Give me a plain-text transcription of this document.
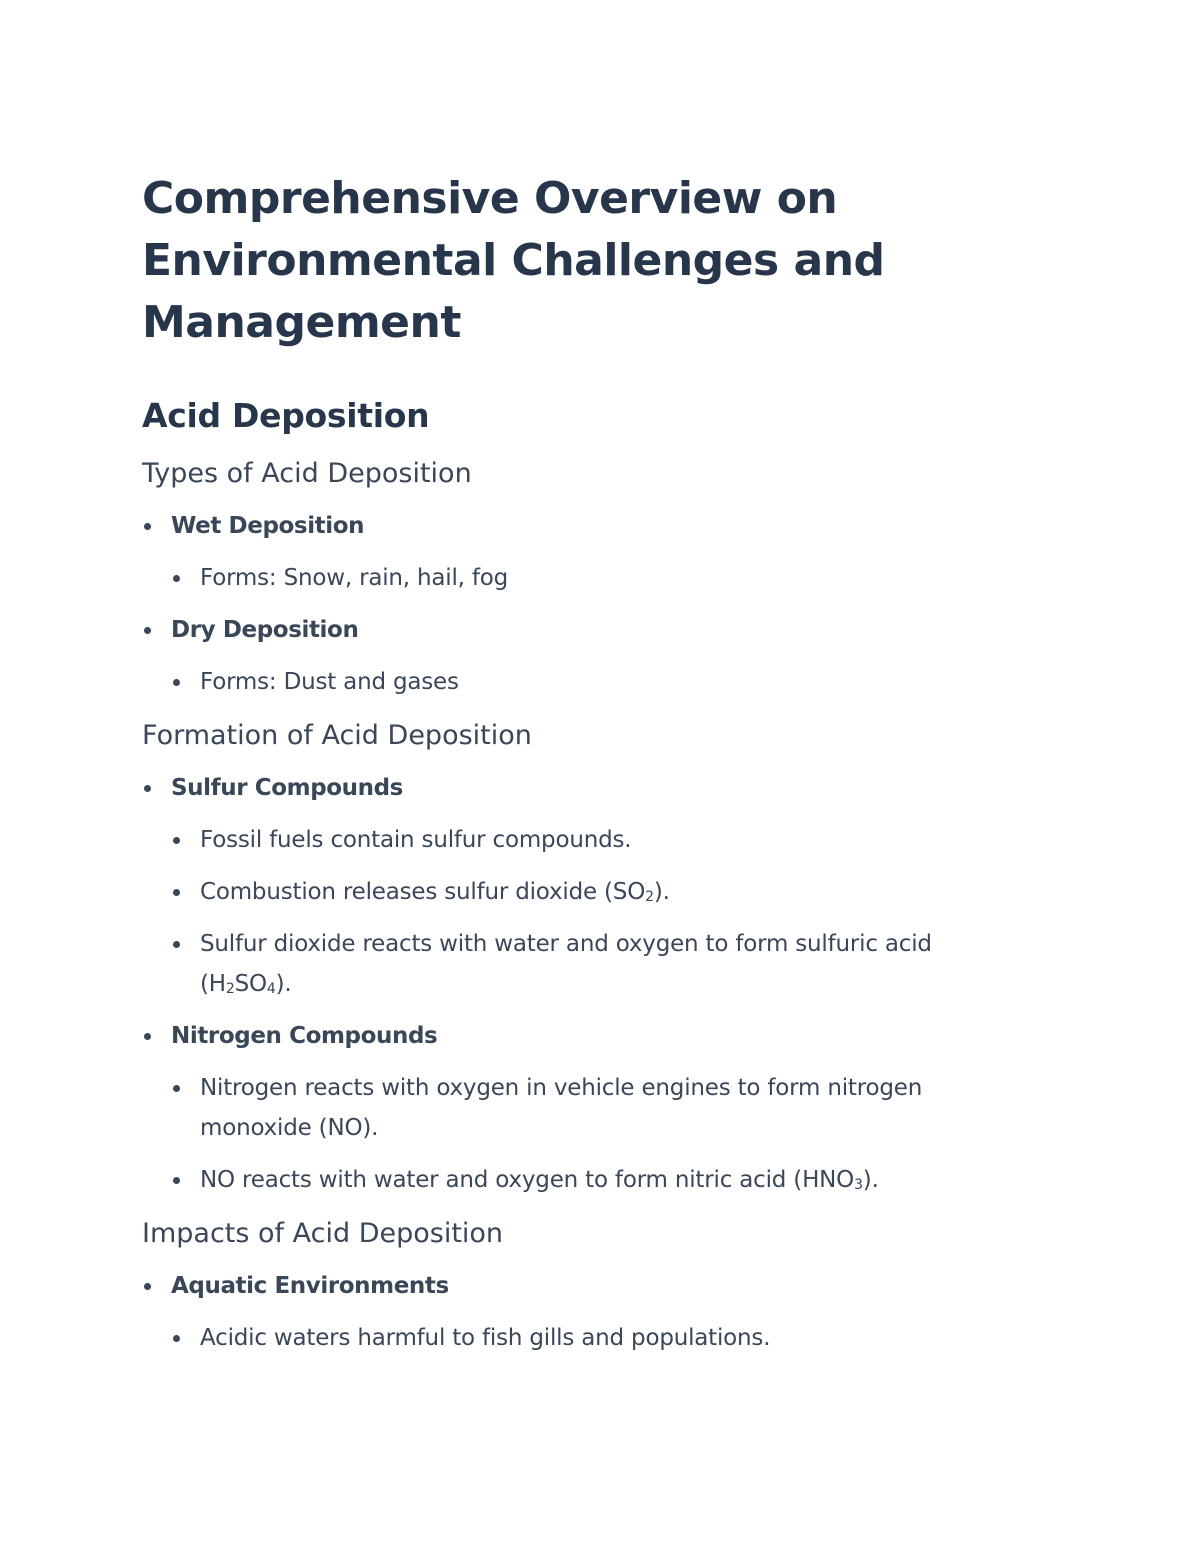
Comprehensive Overview on Environmental Challenges and Management
Acid Deposition
Types of Acid Deposition
Wet Deposition
Forms: Snow, rain, hail, fog
Dry Deposition
Forms: Dust and gases
Formation of Acid Deposition
Sulfur Compounds
Fossil fuels contain sulfur compounds.
Combustion releases sulfur dioxide $(SO_2)$.
Sulfur dioxide reacts with water and oxygen to form sulfuric acid $(H_2SO_4)$.
Nitrogen Compounds
Nitrogen reacts with oxygen in vehicle engines to form nitrogen monoxide (NO).
NO reacts with water and oxygen to form nitric acid $(HNO_3)$.
Impacts of Acid Deposition
Aquatic Environments
Acidic waters harmful to fish gills and populations.
